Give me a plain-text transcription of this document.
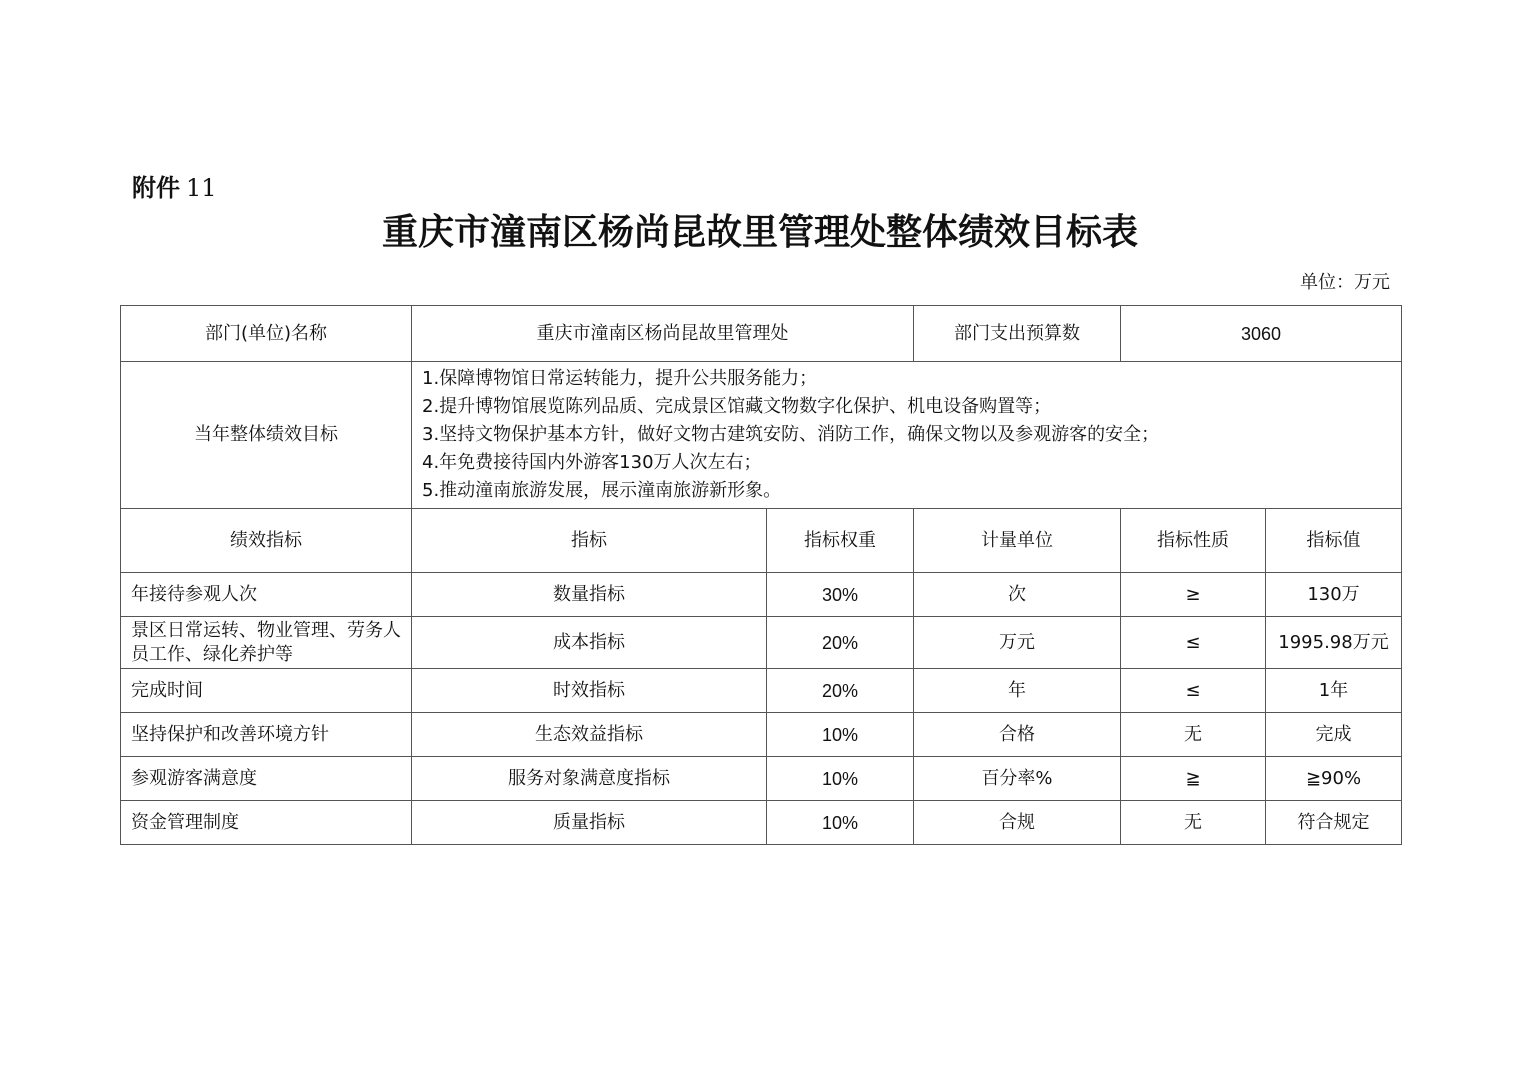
附件 11
重庆市潼南区杨尚昆故里管理处整体绩效目标表
单位：万元
部门(单位)名称	重庆市潼南区杨尚昆故里管理处		部门支出预算数	3060	
当年整体绩效目标	1.保障博物馆日常运转能力，提升公共服务能力；
2.提升博物馆展览陈列品质、完成景区馆藏文物数字化保护、机电设备购置等；
3.坚持文物保护基本方针，做好文物古建筑安防、消防工作，确保文物以及参观游客的安全；
4.年免费接待国内外游客130万人次左右；
5.推动潼南旅游发展，展示潼南旅游新形象。				

绩效指标	指标	指标权重	计量单位	指标性质	指标值
年接待参观人次	数量指标	30%	次	≥	130万
景区日常运转、物业管理、劳务人员工作、绿化养护等	成本指标	20%	万元	≤	1995.98万元
完成时间	时效指标	20%	年	≤	1年
坚持保护和改善环境方针	生态效益指标	10%	合格	无	完成
参观游客满意度	服务对象满意度指标	10%	百分率%	≧	≧90%
资金管理制度	质量指标	10%	合规	无	符合规定
